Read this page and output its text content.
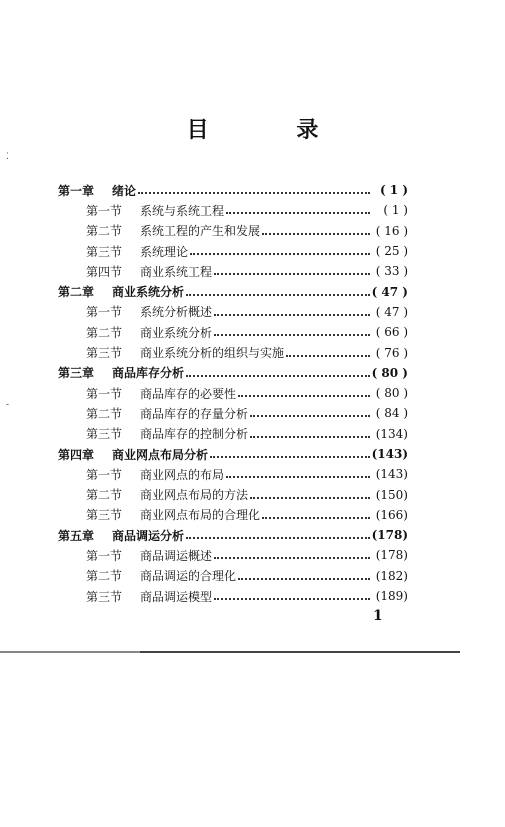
目 录
第一章	绪论	( 1 )
第一节	系统与系统工程	( 1 )
第二节	系统工程的产生和发展	( 16 )
第三节	系统理论	( 25 )
第四节	商业系统工程	( 33 )
第二章	商业系统分析	( 47 )
第一节	系统分析概述	( 47 )
第二节	商业系统分析	( 66 )
第三节	商业系统分析的组织与实施	( 76 )
第三章	商品库存分析	( 80 )
第一节	商品库存的必要性	( 80 )
第二节	商品库存的存量分析	( 84 )
第三节	商品库存的控制分析	(134)
第四章	商业网点布局分析	(143)
第一节	商业网点的布局	(143)
第二节	商业网点布局的方法	(150)
第三节	商业网点布局的合理化	(166)
第五章	商品调运分析	(178)
第一节	商品调运概述	(178)
第二节	商品调运的合理化	(182)
第三节	商品调运模型	(189)
1
⁚
-
